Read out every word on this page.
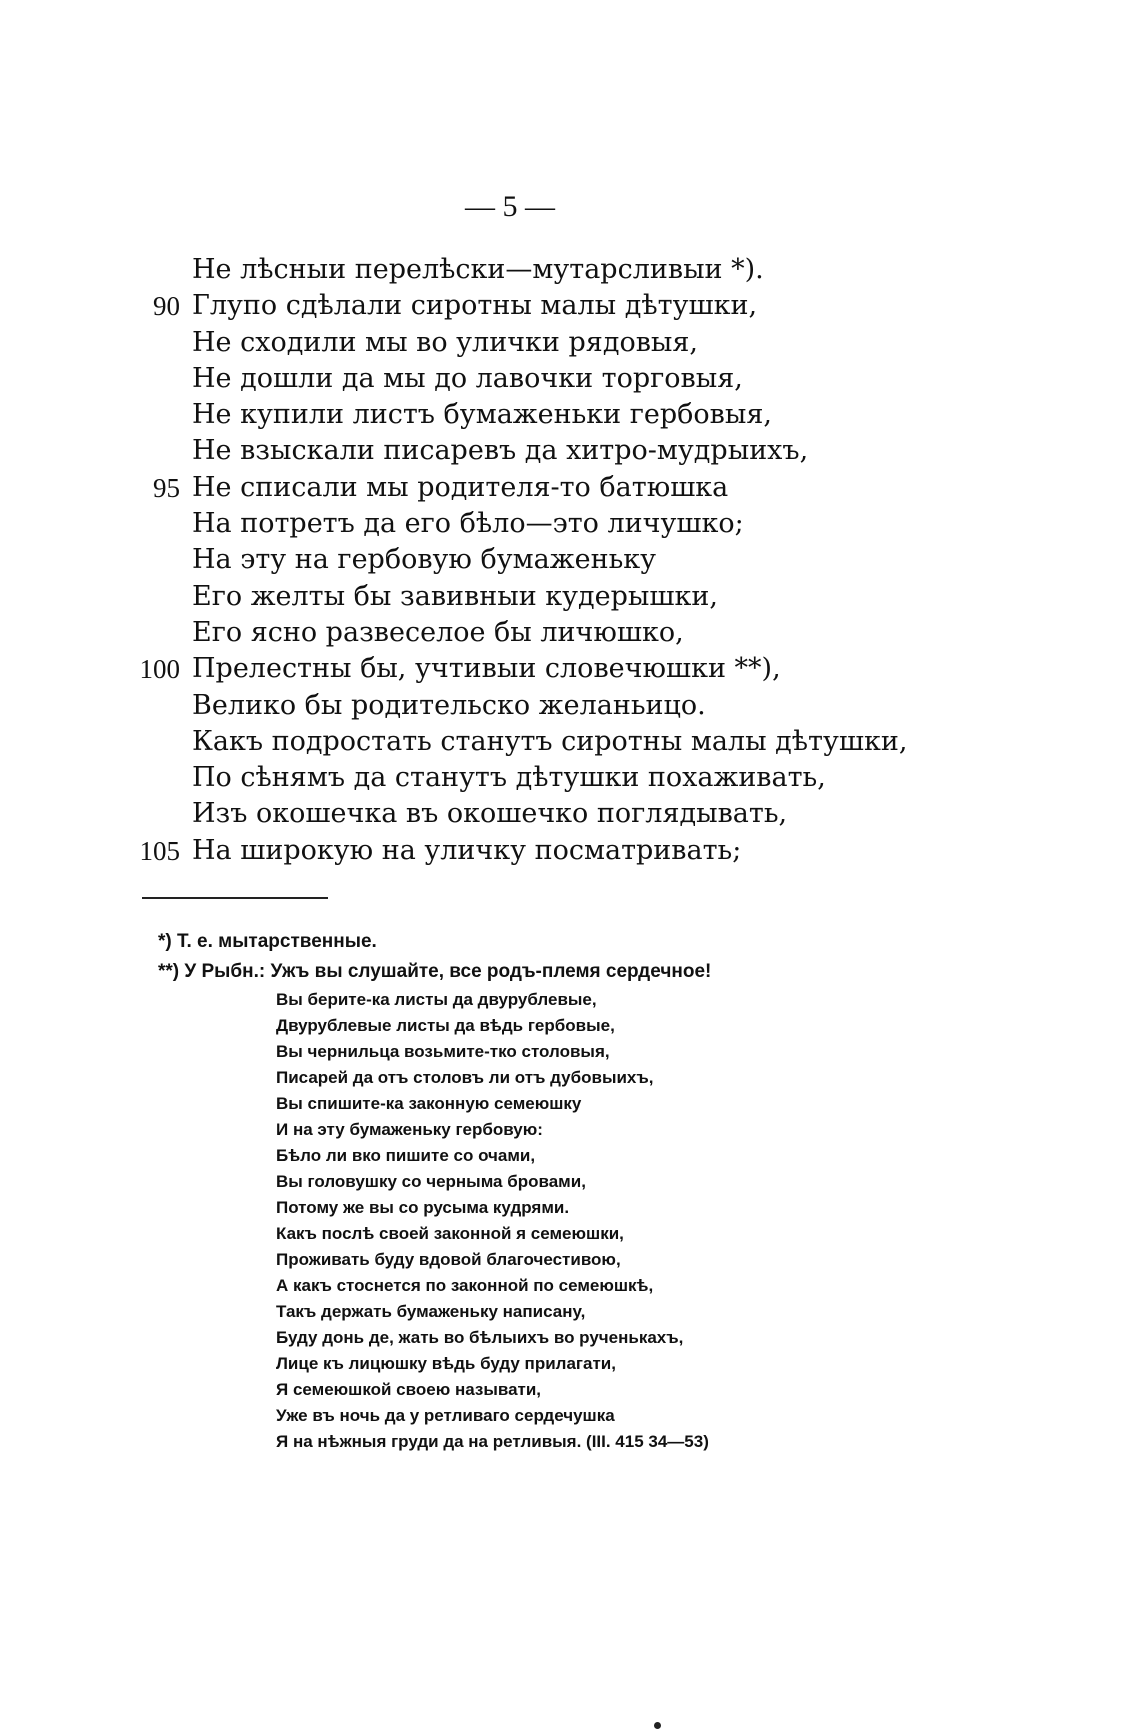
— 5 —
Не лѣсныи перелѣски—мутарсливыи *).
90 Глупо сдѣлали сиротны малы дѣтушки,
Не сходили мы во улички рядовыя,
Не дошли да мы до лавочки торговыя,
Не купили листъ бумаженьки гербовыя,
Не взыскали писаревъ да хитро-мудрыихъ,
95 Не списали мы родителя-то батюшка
На потретъ да его бѣло—это личушко;
На эту на гербовую бумаженьку
Его желты бы завивныи кудерышки,
Его ясно развеселое бы личюшко,
100 Прелестны бы, учтивыи словечюшки **),
Велико бы родительско желаньицо.
Какъ подростать станутъ сиротны малы дѣтушки,
По сѣнямъ да станутъ дѣтушки похаживать,
Изъ окошечка въ окошечко поглядывать,
105 На широкую на уличку посматривать;
*) Т. е. мытарственные.
**) У Рыбн.: Ужъ вы слушайте, все родъ-племя сердечное!
Вы берите-ка листы да двурублевые,
Двурублевые листы да вѣдь гербовые,
Вы чернильца возьмите-тко столовыя,
Писарей да отъ столовъ ли отъ дубовыихъ,
Вы спишите-ка законную семеюшку
И на эту бумаженьку гербовую:
Бѣло ли вко пишите со очами,
Вы головушку со черныма бровами,
Потому же вы со русыма кудрями.
Какъ послѣ своей законной я семеюшки,
Проживать буду вдовой благочестивою,
А какъ стоснется по законной по семеюшкѣ,
Такъ держать бумаженьку написану,
Буду донь де, жать во бѣлыихъ во рученькахъ,
Лице къ лицюшку вѣдь буду прилагати,
Я семеюшкой своею называти,
Уже въ ночь да у ретливаго сердечушка
Я на нѣжныя груди да на ретливыя. (III. 415 34—53)
